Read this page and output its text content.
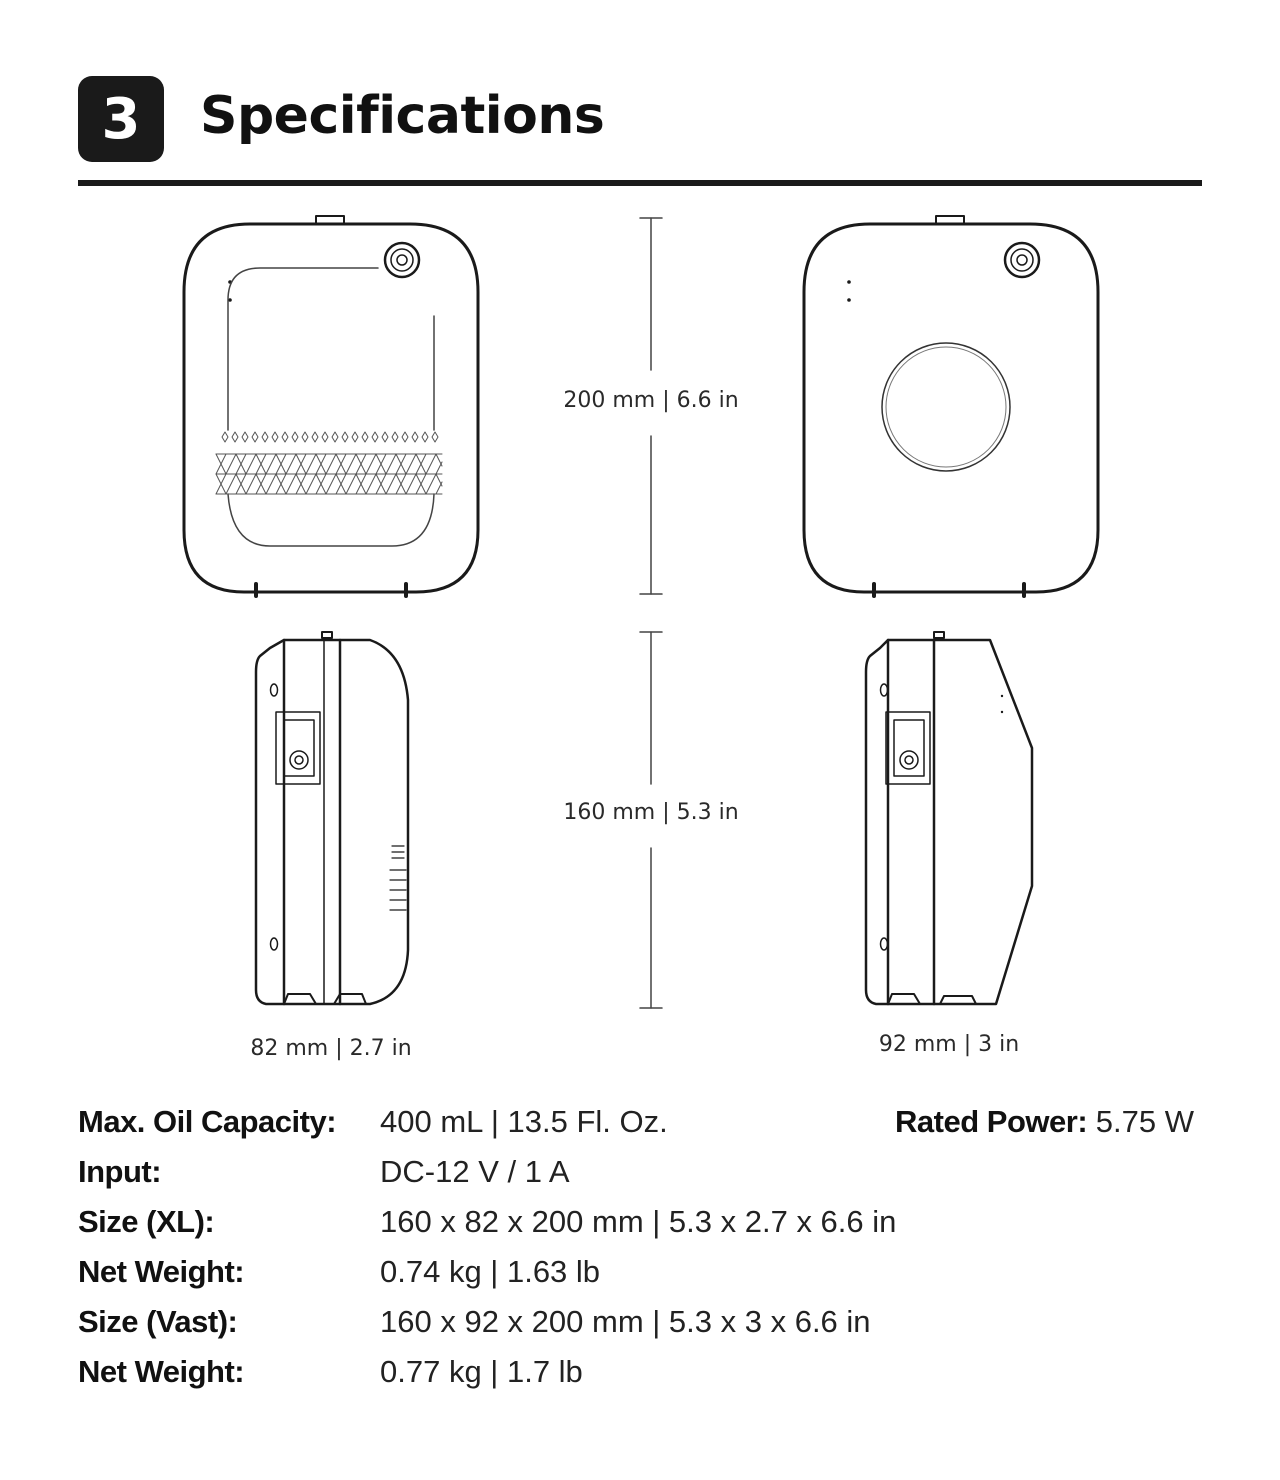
3	Specifications
200 mm | 6.6 in
160 mm | 5.3 in
82 mm | 2.7 in	92 mm | 3 in
Max. Oil Capacity: 400 mL | 13.5 Fl. Oz.	Rated Power: 5.75 W
Input:	DC-12 V / 1 A
Size (XL):	160 x 82 x 200 mm | 5.3 x 2.7 x 6.6 in
Net Weight:	0.74 kg | 1.63 lb
Size (Vast):	160 x 92 x 200 mm | 5.3 x 3 x 6.6 in
Net Weight:	0.77 kg | 1.7 lb
